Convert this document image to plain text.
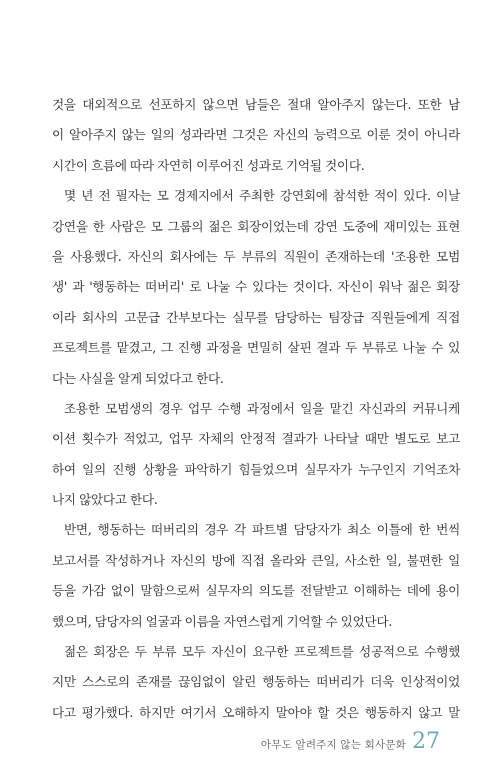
것을 대외적으로 선포하지 않으면 남들은 절대 알아주지 않는다. 또한 남
이 알아주지 않는 일의 성과라면 그것은 자신의 능력으로 이룬 것이 아니라
시간이 흐름에 따라 자연히 이루어진 성과로 기억될 것이다.
몇 년 전 필자는 모 경제지에서 주최한 강연회에 참석한 적이 있다. 이날
강연을 한 사람은 모 그룹의 젊은 회장이었는데 강연 도중에 재미있는 표현
을 사용했다. 자신의 회사에는 두 부류의 직원이 존재하는데 '조용한 모범
생' 과 '행동하는 떠버리' 로 나눌 수 있다는 것이다. 자신이 워낙 젊은 회장
이라 회사의 고문급 간부보다는 실무를 담당하는 팀장급 직원들에게 직접
프로젝트를 맡겼고, 그 진행 과정을 면밀히 살핀 결과 두 부류로 나눌 수 있
다는 사실을 알게 되었다고 한다.
조용한 모범생의 경우 업무 수행 과정에서 일을 맡긴 자신과의 커뮤니케
이션 횟수가 적었고, 업무 자체의 안정적 결과가 나타날 때만 별도로 보고
하여 일의 진행 상황을 파악하기 힘들었으며 실무자가 누구인지 기억조차
나지 않았다고 한다.
반면, 행동하는 떠버리의 경우 각 파트별 담당자가 최소 이틀에 한 번씩
보고서를 작성하거나 자신의 방에 직접 올라와 큰일, 사소한 일, 불편한 일
등을 가감 없이 말함으로써 실무자의 의도를 전달받고 이해하는 데에 용이
했으며, 담당자의 얼굴과 이름을 자연스럽게 기억할 수 있었단다.
젊은 회장은 두 부류 모두 자신이 요구한 프로젝트를 성공적으로 수행했
지만 스스로의 존재를 끊임없이 알린 행동하는 떠버리가 더욱 인상적이었
다고 평가했다. 하지만 여기서 오해하지 말아야 할 것은 행동하지 않고 말
아무도 알려주지 않는 회사문화 27
